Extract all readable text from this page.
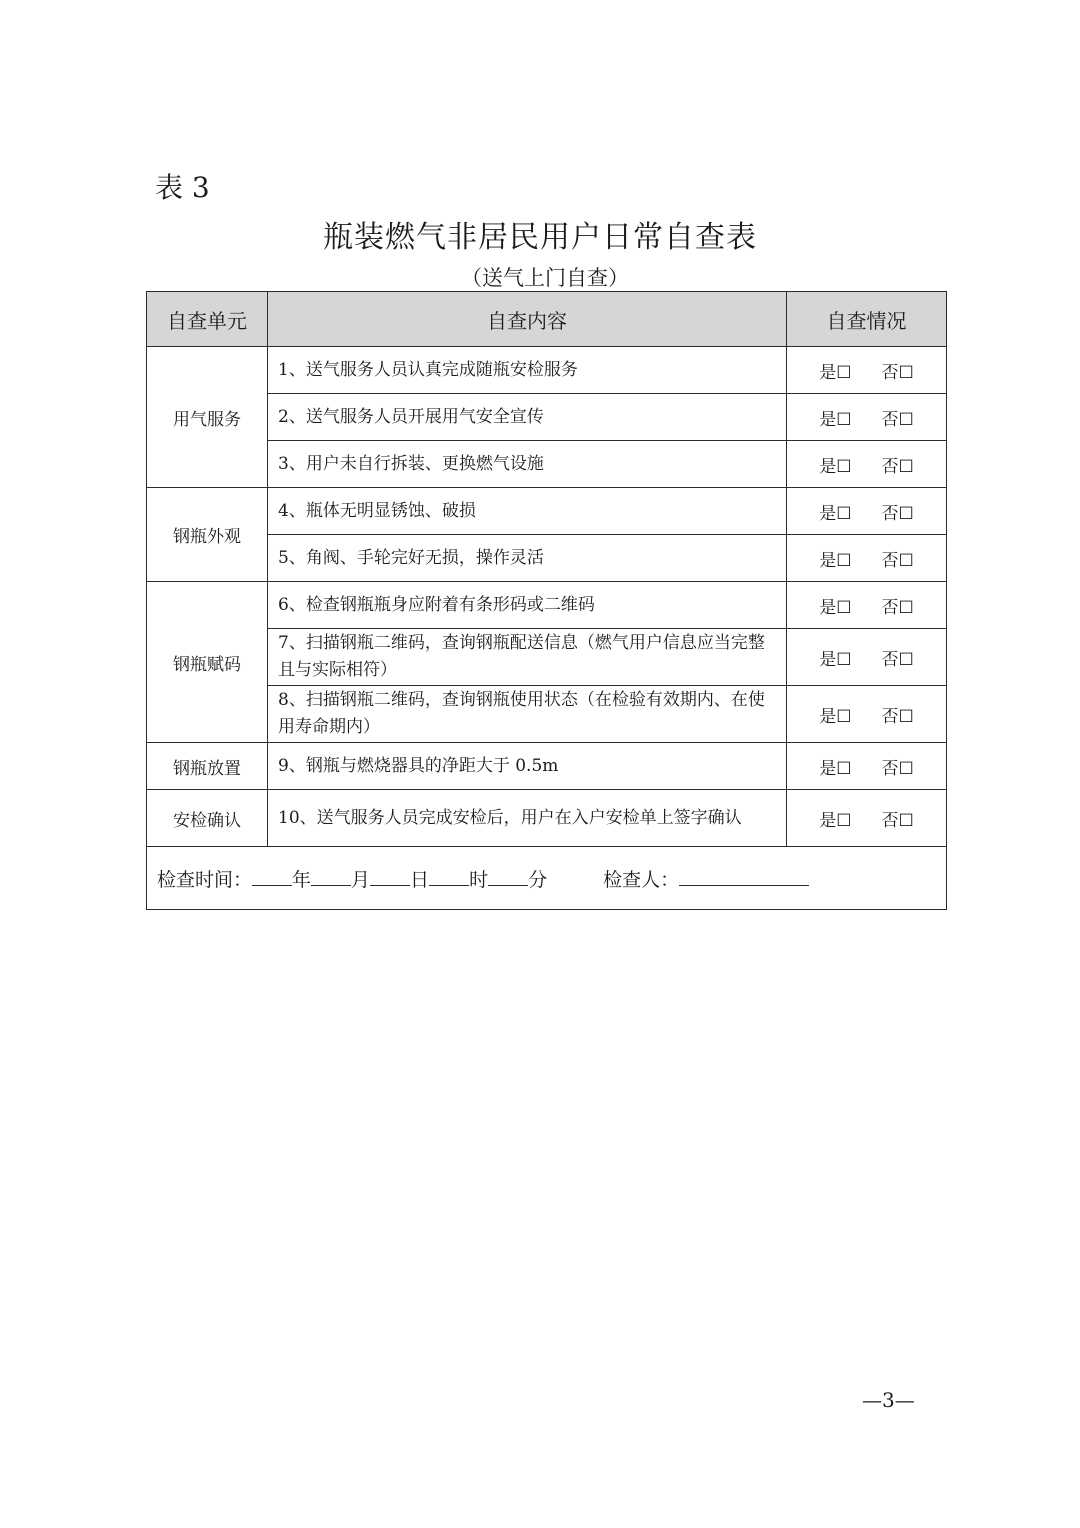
表 3
瓶装燃气非居民用户日常自查表
（送气上门自查）
自查单元	自查内容	自查情况
用气服务	1、送气服务人员认真完成随瓶安检服务	是☐ 否☐
	2、送气服务人员开展用气安全宣传	是☐ 否☐
	3、用户未自行拆装、更换燃气设施	是☐ 否☐
钢瓶外观	4、瓶体无明显锈蚀、破损	是☐ 否☐
	5、角阀、手轮完好无损，操作灵活	是☐ 否☐
钢瓶赋码	6、检查钢瓶瓶身应附着有条形码或二维码	是☐ 否☐
	7、扫描钢瓶二维码，查询钢瓶配送信息（燃气用户信息应当完整且与实际相符）	是☐ 否☐
	8、扫描钢瓶二维码，查询钢瓶使用状态（在检验有效期内、在使用寿命期内）	是☐ 否☐
钢瓶放置	9、钢瓶与燃烧器具的净距大于 0.5m	是☐ 否☐
安检确认	10、送气服务人员完成安检后，用户在入户安检单上签字确认	是☐ 否☐
检查时间： 年 月 日 时 分 检查人：		
—3—
